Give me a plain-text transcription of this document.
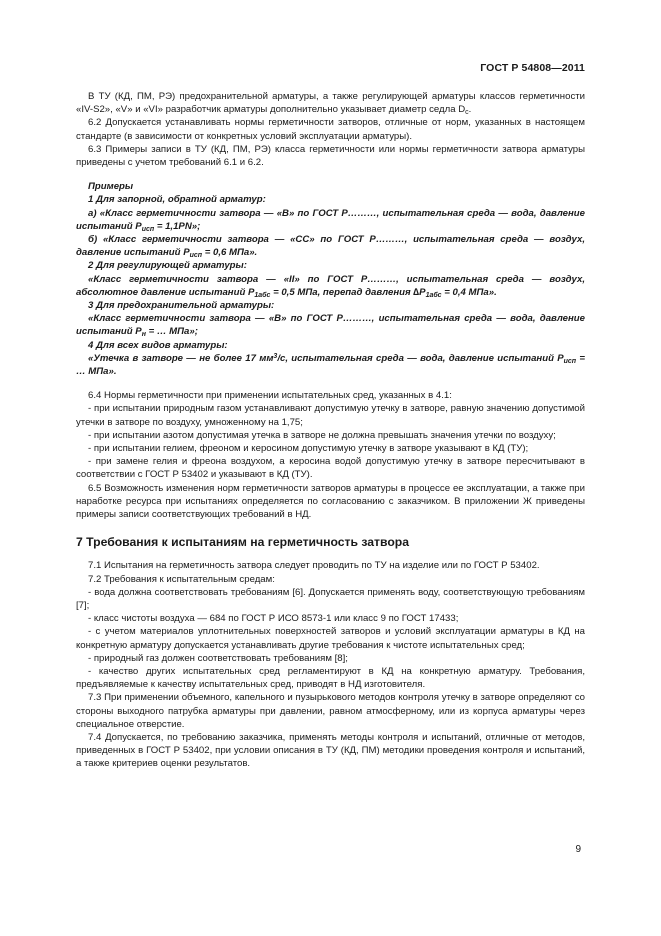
ГОСТ Р 54808—2011

В ТУ (КД, ПМ, РЭ) предохранительной арматуры, а также регулирующей арматуры классов герметичности «IV-S2», «V» и «VI» разработчик арматуры дополнительно указывает диаметр седла $D_с$.

6.2 Допускается устанавливать нормы герметичности затворов, отличные от норм, указанных в настоящем стандарте (в зависимости от конкретных условий эксплуатации арматуры).

6.3 Примеры записи в ТУ (КД, ПМ, РЭ) класса герметичности или нормы герметичности затвора арматуры приведены с учетом требований 6.1 и 6.2.

Примеры

1 Для запорной, обратной арматур:

а) «Класс герметичности затвора — «В» по ГОСТ Р………, испытательная среда — вода, давление испытаний $Р_{исп} = 1,1PN$»;

б) «Класс герметичности затвора — «СС» по ГОСТ Р………, испытательная среда — воздух, давление испытаний $Р_{исп} = 0,6$ МПа».

2 Для регулирующей арматуры:

«Класс герметичности затвора — «II» по ГОСТ Р………, испытательная среда — воздух, абсолютное давление испытаний $Р_{1абс} = 0,5$ МПа, перепад давления $\Delta Р_{1абс} = 0,4$ МПа».

3 Для предохранительной арматуры:

«Класс герметичности затвора — «В» по ГОСТ Р………, испытательная среда — вода, давление испытаний $Р_н$ = … МПа»;

4 Для всех видов арматуры:

«Утечка в затворе — не более 17 $мм^3/с$, испытательная среда — вода, давление испытаний $Р_{исп}$ = … МПа».

6.4 Нормы герметичности при применении испытательных сред, указанных в 4.1:

- при испытании природным газом устанавливают допустимую утечку в затворе, равную значению допустимой утечки в затворе по воздуху, умноженному на 1,75;

- при испытании азотом допустимая утечка в затворе не должна превышать значения утечки по воздуху;

- при испытании гелием, фреоном и керосином допустимую утечку в затворе указывают в КД (ТУ);

- при замене гелия и фреона воздухом, а керосина водой допустимую утечку в затворе пересчитывают в соответствии с ГОСТ Р 53402 и указывают в КД (ТУ).

6.5 Возможность изменения норм герметичности затворов арматуры в процессе ее эксплуатации, а также при наработке ресурса при испытаниях определяется по согласованию с заказчиком. В приложении Ж приведены примеры записи соответствующих требований в НД.

7 Требования к испытаниям на герметичность затвора

7.1 Испытания на герметичность затвора следует проводить по ТУ на изделие или по ГОСТ Р 53402.

7.2 Требования к испытательным средам:

- вода должна соответствовать требованиям [6]. Допускается применять воду, соответствующую требованиям [7];

- класс чистоты воздуха — 684 по ГОСТ Р ИСО 8573-1 или класс 9 по ГОСТ 17433;

- с учетом материалов уплотнительных поверхностей затворов и условий эксплуатации арматуры в КД на конкретную арматуру допускается устанавливать другие требования к чистоте испытательных сред;

- природный газ должен соответствовать требованиям [8];

- качество других испытательных сред регламентируют в КД на конкретную арматуру. Требования, предъявляемые к качеству испытательных сред, приводят в НД изготовителя.

7.3 При применении объемного, капельного и пузырькового методов контроля утечку в затворе определяют со стороны выходного патрубка арматуры при давлении, равном атмосферному, или из корпуса арматуры через специальное отверстие.

7.4 Допускается, по требованию заказчика, применять методы контроля и испытаний, отличные от методов, приведенных в ГОСТ Р 53402, при условии описания в ТУ (КД, ПМ) методики проведения контроля и испытаний, а также критериев оценки результатов.

9
